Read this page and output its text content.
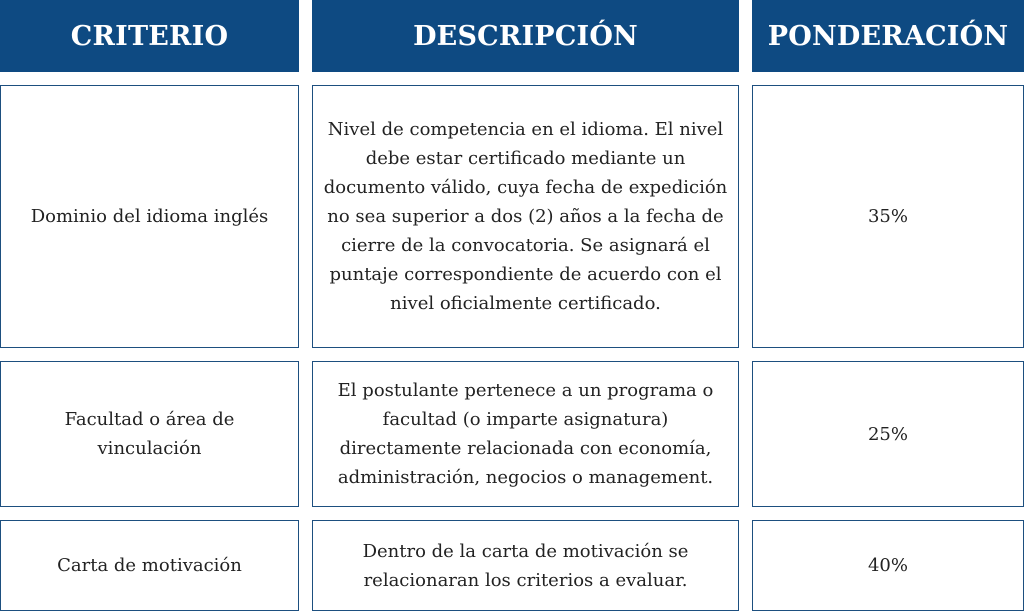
CRITERIO	DESCRIPCIÓN	PONDERACIÓN
Dominio del idioma inglés
Nivel de competencia en el idioma. El nivel debe estar certificado mediante un documento válido, cuya fecha de expedición no sea superior a dos (2) años a la fecha de cierre de la convocatoria. Se asignará el puntaje correspondiente de acuerdo con el nivel oficialmente certificado.
35%
Facultad o área de vinculación
El postulante pertenece a un programa o facultad (o imparte asignatura) directamente relacionada con economía, administración, negocios o management.
25%
Carta de motivación
Dentro de la carta de motivación se relacionaran los criterios a evaluar.
40%
